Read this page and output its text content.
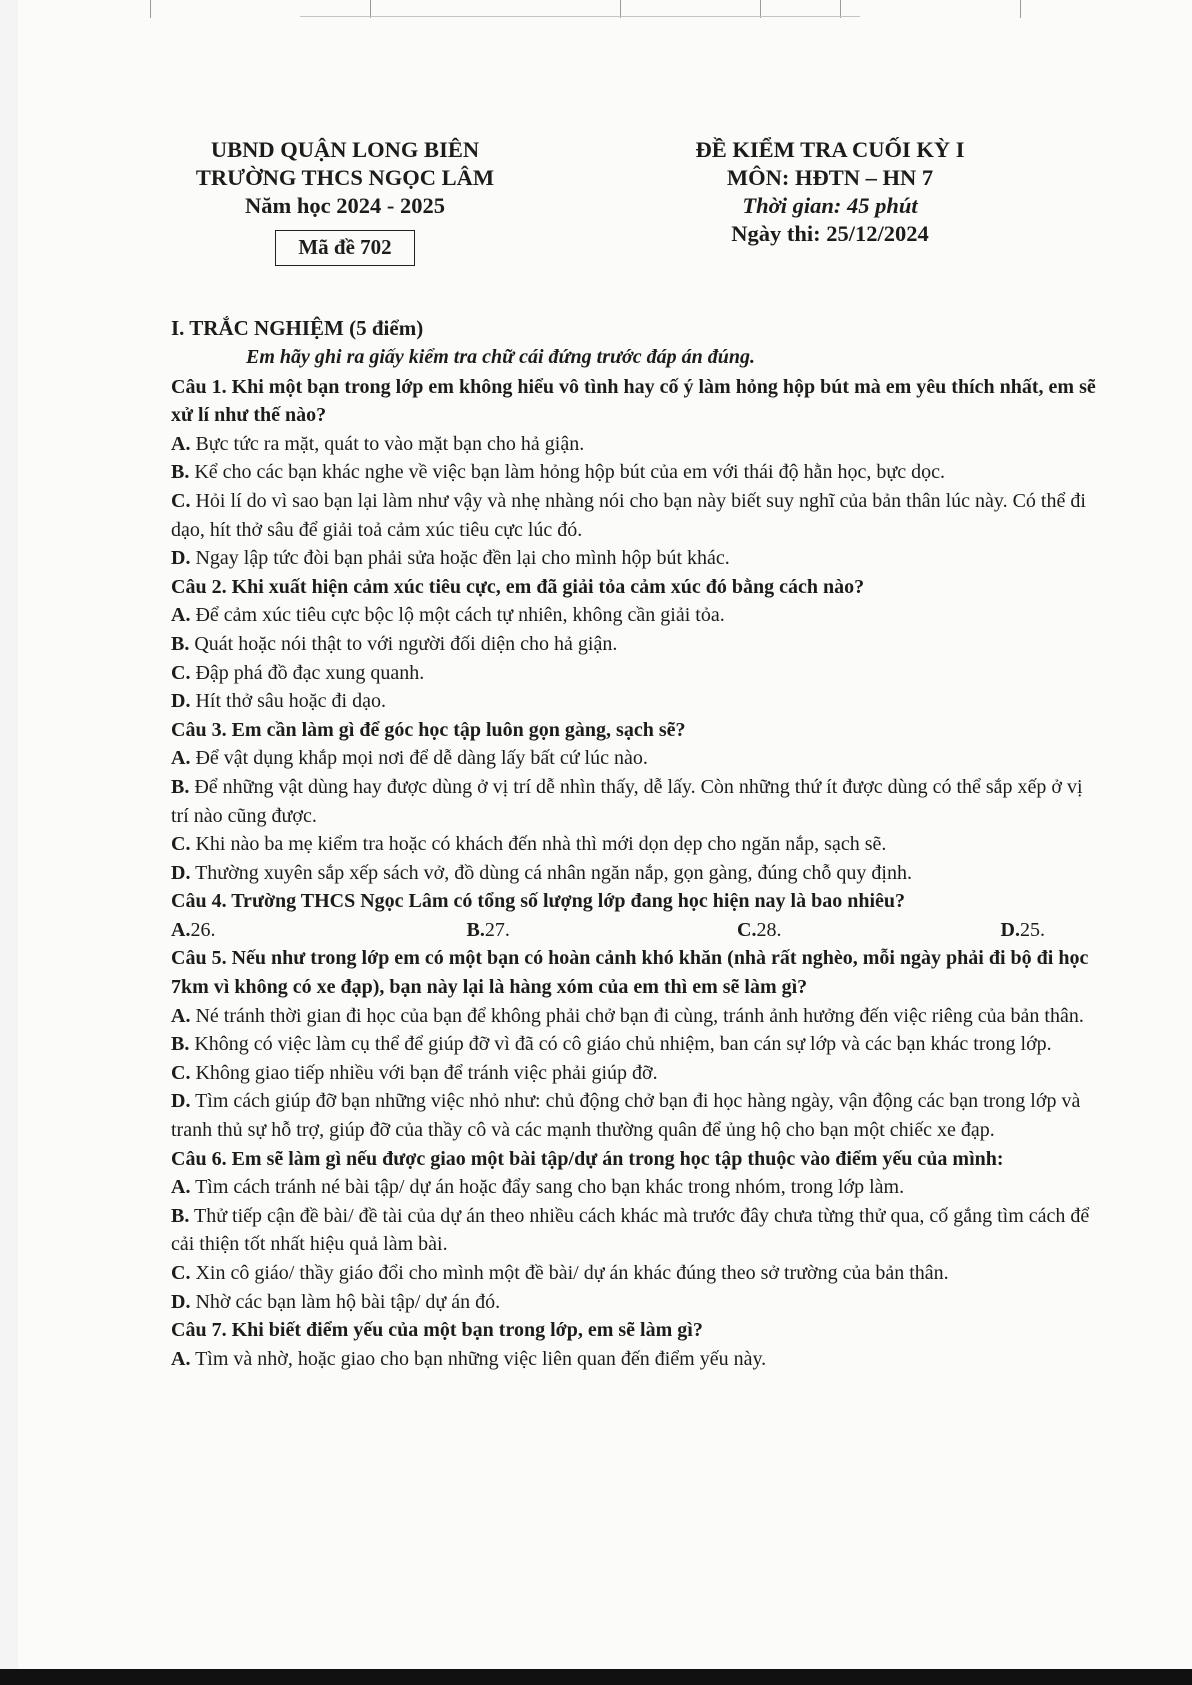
UBND QUẬN LONG BIÊN
TRƯỜNG THCS NGỌC LÂM
Năm học 2024 - 2025
Mã đề 702
ĐỀ KIỂM TRA CUỐI KỲ I
MÔN: HĐTN – HN 7
Thời gian: 45 phút
Ngày thi: 25/12/2024

I. TRẮC NGHIỆM (5 điểm)

Em hãy ghi ra giấy kiểm tra chữ cái đứng trước đáp án đúng.

Câu 1. Khi một bạn trong lớp em không hiểu vô tình hay cố ý làm hỏng hộp bút mà em yêu thích nhất, em sẽ xử lí như thế nào?

A. Bực tức ra mặt, quát to vào mặt bạn cho hả giận.

B. Kể cho các bạn khác nghe về việc bạn làm hỏng hộp bút của em với thái độ hằn học, bực dọc.

C. Hỏi lí do vì sao bạn lại làm như vậy và nhẹ nhàng nói cho bạn này biết suy nghĩ của bản thân lúc này. Có thể đi dạo, hít thở sâu để giải toả cảm xúc tiêu cực lúc đó.

D. Ngay lập tức đòi bạn phải sửa hoặc đền lại cho mình hộp bút khác.

Câu 2. Khi xuất hiện cảm xúc tiêu cực, em đã giải tỏa cảm xúc đó bằng cách nào?

A. Để cảm xúc tiêu cực bộc lộ một cách tự nhiên, không cần giải tỏa.

B. Quát hoặc nói thật to với người đối diện cho hả giận.

C. Đập phá đồ đạc xung quanh.

D. Hít thở sâu hoặc đi dạo.

Câu 3. Em cần làm gì để góc học tập luôn gọn gàng, sạch sẽ?

A. Để vật dụng khắp mọi nơi để dễ dàng lấy bất cứ lúc nào.

B. Để những vật dùng hay được dùng ở vị trí dễ nhìn thấy, dễ lấy. Còn những thứ ít được dùng có thể sắp xếp ở vị trí nào cũng được.

C. Khi nào ba mẹ kiểm tra hoặc có khách đến nhà thì mới dọn dẹp cho ngăn nắp, sạch sẽ.

D. Thường xuyên sắp xếp sách vở, đồ dùng cá nhân ngăn nắp, gọn gàng, đúng chỗ quy định.

Câu 4. Trường THCS Ngọc Lâm có tổng số lượng lớp đang học hiện nay là bao nhiêu?

A.26.	B.27.	C.28.	D.25.

Câu 5. Nếu như trong lớp em có một bạn có hoàn cảnh khó khăn (nhà rất nghèo, mỗi ngày phải đi bộ đi học 7km vì không có xe đạp), bạn này lại là hàng xóm của em thì em sẽ làm gì?

A. Né tránh thời gian đi học của bạn để không phải chở bạn đi cùng, tránh ảnh hưởng đến việc riêng của bản thân.

B. Không có việc làm cụ thể để giúp đỡ vì đã có cô giáo chủ nhiệm, ban cán sự lớp và các bạn khác trong lớp.

C. Không giao tiếp nhiều với bạn để tránh việc phải giúp đỡ.

D. Tìm cách giúp đỡ bạn những việc nhỏ như: chủ động chở bạn đi học hàng ngày, vận động các bạn trong lớp và tranh thủ sự hỗ trợ, giúp đỡ của thầy cô và các mạnh thường quân để ủng hộ cho bạn một chiếc xe đạp.

Câu 6. Em sẽ làm gì nếu được giao một bài tập/dự án trong học tập thuộc vào điểm yếu của mình:

A. Tìm cách tránh né bài tập/ dự án hoặc đẩy sang cho bạn khác trong nhóm, trong lớp làm.

B. Thử tiếp cận đề bài/ đề tài của dự án theo nhiều cách khác mà trước đây chưa từng thử qua, cố gắng tìm cách để cải thiện tốt nhất hiệu quả làm bài.

C. Xin cô giáo/ thầy giáo đổi cho mình một đề bài/ dự án khác đúng theo sở trường của bản thân.

D. Nhờ các bạn làm hộ bài tập/ dự án đó.

Câu 7. Khi biết điểm yếu của một bạn trong lớp, em sẽ làm gì?

A. Tìm và nhờ, hoặc giao cho bạn những việc liên quan đến điểm yếu này.
